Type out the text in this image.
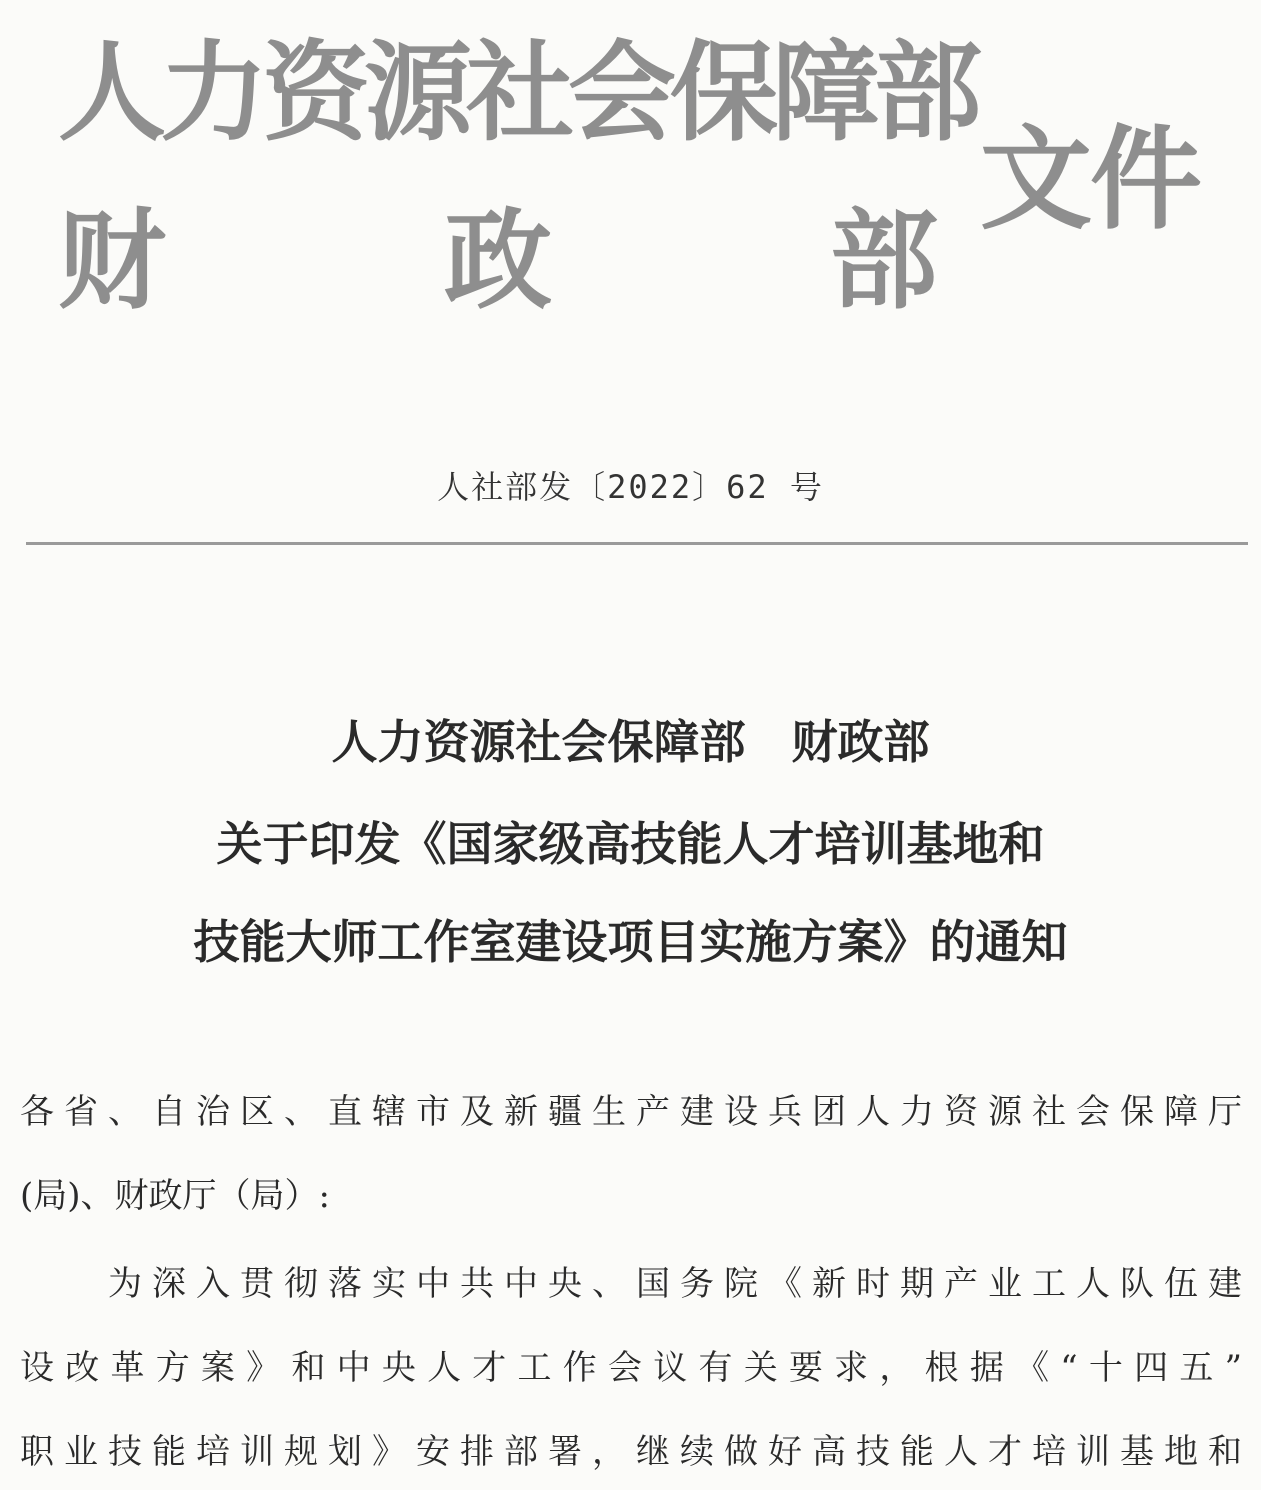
人力资源社会保障部
财	政	部
文件
人社部发〔2022〕62 号
人力资源社会保障部　财政部
关于印发《国家级高技能人才培训基地和
技能大师工作室建设项目实施方案》的通知
各省、自治区、直辖市及新疆生产建设兵团人力资源社会保障厅
(局)、财政厅（局）:
为深入贯彻落实中共中央、国务院《新时期产业工人队伍建
设改革方案》和中央人才工作会议有关要求，根据《“十四五”
职业技能培训规划》安排部署，继续做好高技能人才培训基地和
